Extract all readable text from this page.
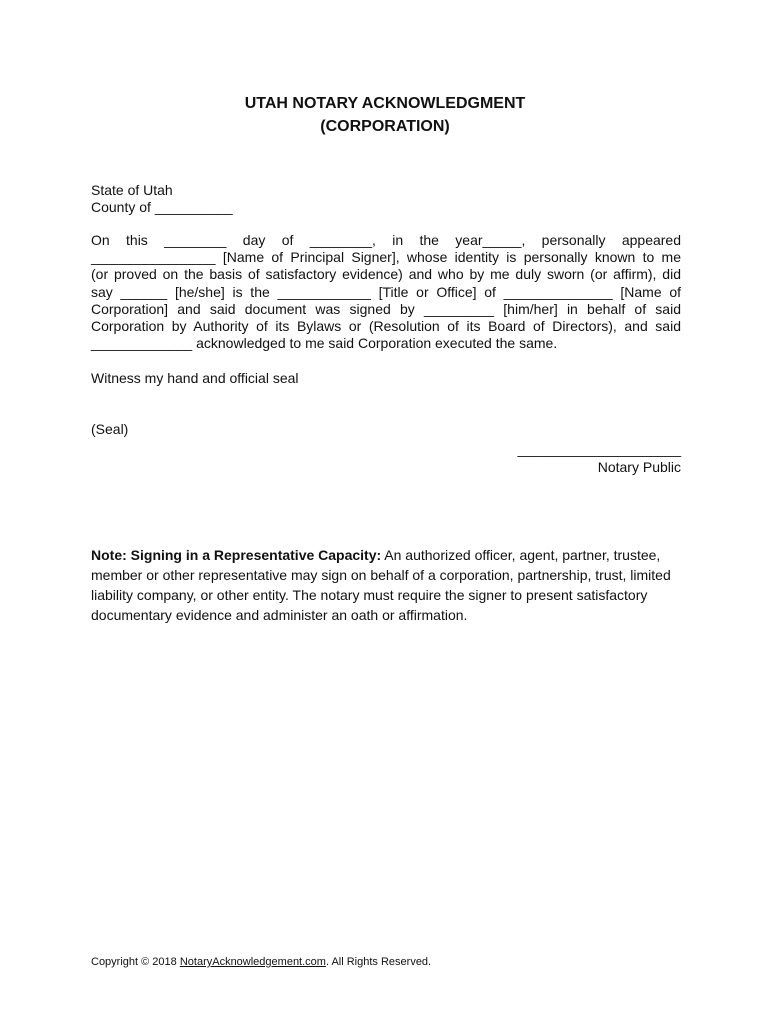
UTAH NOTARY ACKNOWLEDGMENT
(CORPORATION)
State of Utah
County of __________
On this ________ day of ________, in the year_____, personally appeared
________________ [Name of Principal Signer], whose identity is personally known to me
(or proved on the basis of satisfactory evidence) and who by me duly sworn (or affirm), did
say ______ [he/she] is the ____________ [Title or Office] of ______________ [Name of
Corporation] and said document was signed by _________ [him/her] in behalf of said
Corporation by Authority of its Bylaws or (Resolution of its Board of Directors), and said
_____________ acknowledged to me said Corporation executed the same.
Witness my hand and official seal
(Seal)
_____________________
Notary Public
Note: Signing in a Representative Capacity: An authorized officer, agent, partner, trustee, member or other representative may sign on behalf of a corporation, partnership, trust, limited liability company, or other entity. The notary must require the signer to present satisfactory documentary evidence and administer an oath or affirmation.
Copyright © 2018 NotaryAcknowledgement.com. All Rights Reserved.
